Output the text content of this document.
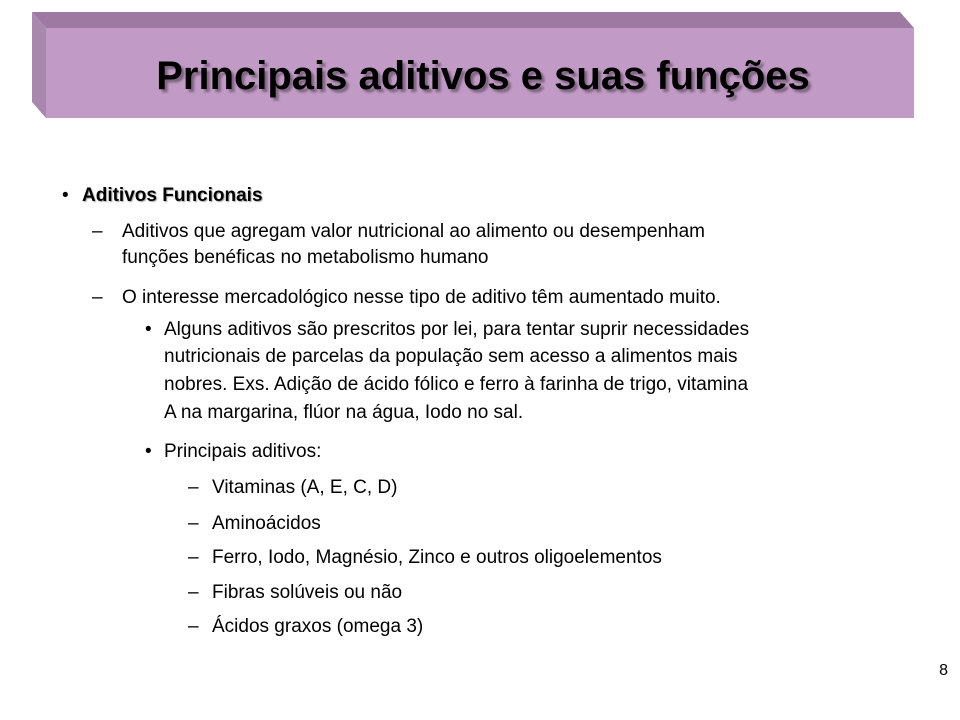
Principais aditivos e suas funções
• Aditivos Funcionais
– Aditivos que agregam valor nutricional ao alimento ou desempenham
funções benéficas no metabolismo humano
– O interesse mercadológico nesse tipo de aditivo têm aumentado muito.
• Alguns aditivos são prescritos por lei, para tentar suprir necessidades
nutricionais de parcelas da população sem acesso a alimentos mais
nobres. Exs. Adição de ácido fólico e ferro à farinha de trigo, vitamina
A na margarina, flúor na água, Iodo no sal.
• Principais aditivos:
– Vitaminas (A, E, C, D)
– Aminoácidos
– Ferro, Iodo, Magnésio, Zinco e outros oligoelementos
– Fibras solúveis ou não
– Ácidos graxos (omega 3)
8
